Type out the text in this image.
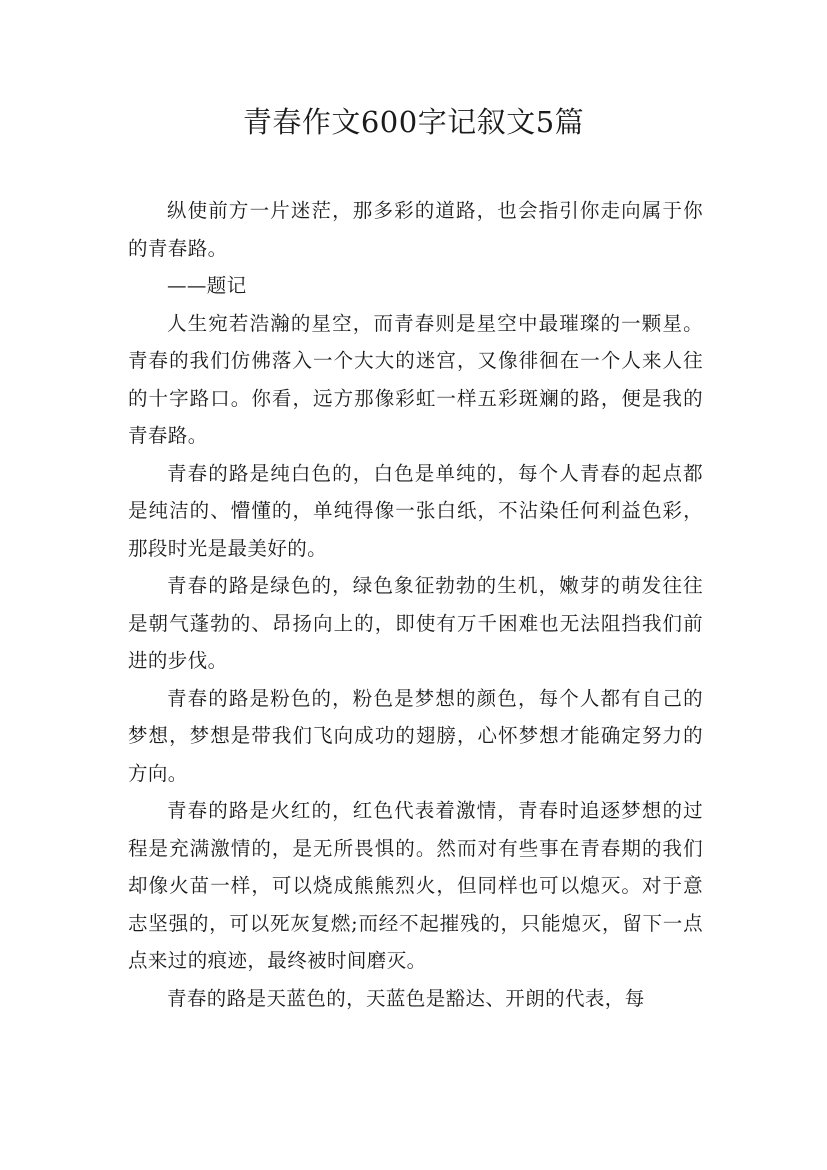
青春作文600字记叙文5篇

纵使前方一片迷茫，那多彩的道路，也会指引你走向属于你的青春路。

——题记

人生宛若浩瀚的星空，而青春则是星空中最璀璨的一颗星。青春的我们仿佛落入一个大大的迷宫，又像徘徊在一个人来人往的十字路口。你看，远方那像彩虹一样五彩斑斓的路，便是我的青春路。

青春的路是纯白色的，白色是单纯的，每个人青春的起点都是纯洁的、懵懂的，单纯得像一张白纸，不沾染任何利益色彩，那段时光是最美好的。

青春的路是绿色的，绿色象征勃勃的生机，嫩芽的萌发往往是朝气蓬勃的、昂扬向上的，即使有万千困难也无法阻挡我们前进的步伐。

青春的路是粉色的，粉色是梦想的颜色，每个人都有自己的梦想，梦想是带我们飞向成功的翅膀，心怀梦想才能确定努力的方向。

青春的路是火红的，红色代表着激情，青春时追逐梦想的过程是充满激情的，是无所畏惧的。然而对有些事在青春期的我们却像火苗一样，可以烧成熊熊烈火，但同样也可以熄灭。对于意志坚强的，可以死灰复燃;而经不起摧残的，只能熄灭，留下一点点来过的痕迹，最终被时间磨灭。

青春的路是天蓝色的，天蓝色是豁达、开朗的代表，每
